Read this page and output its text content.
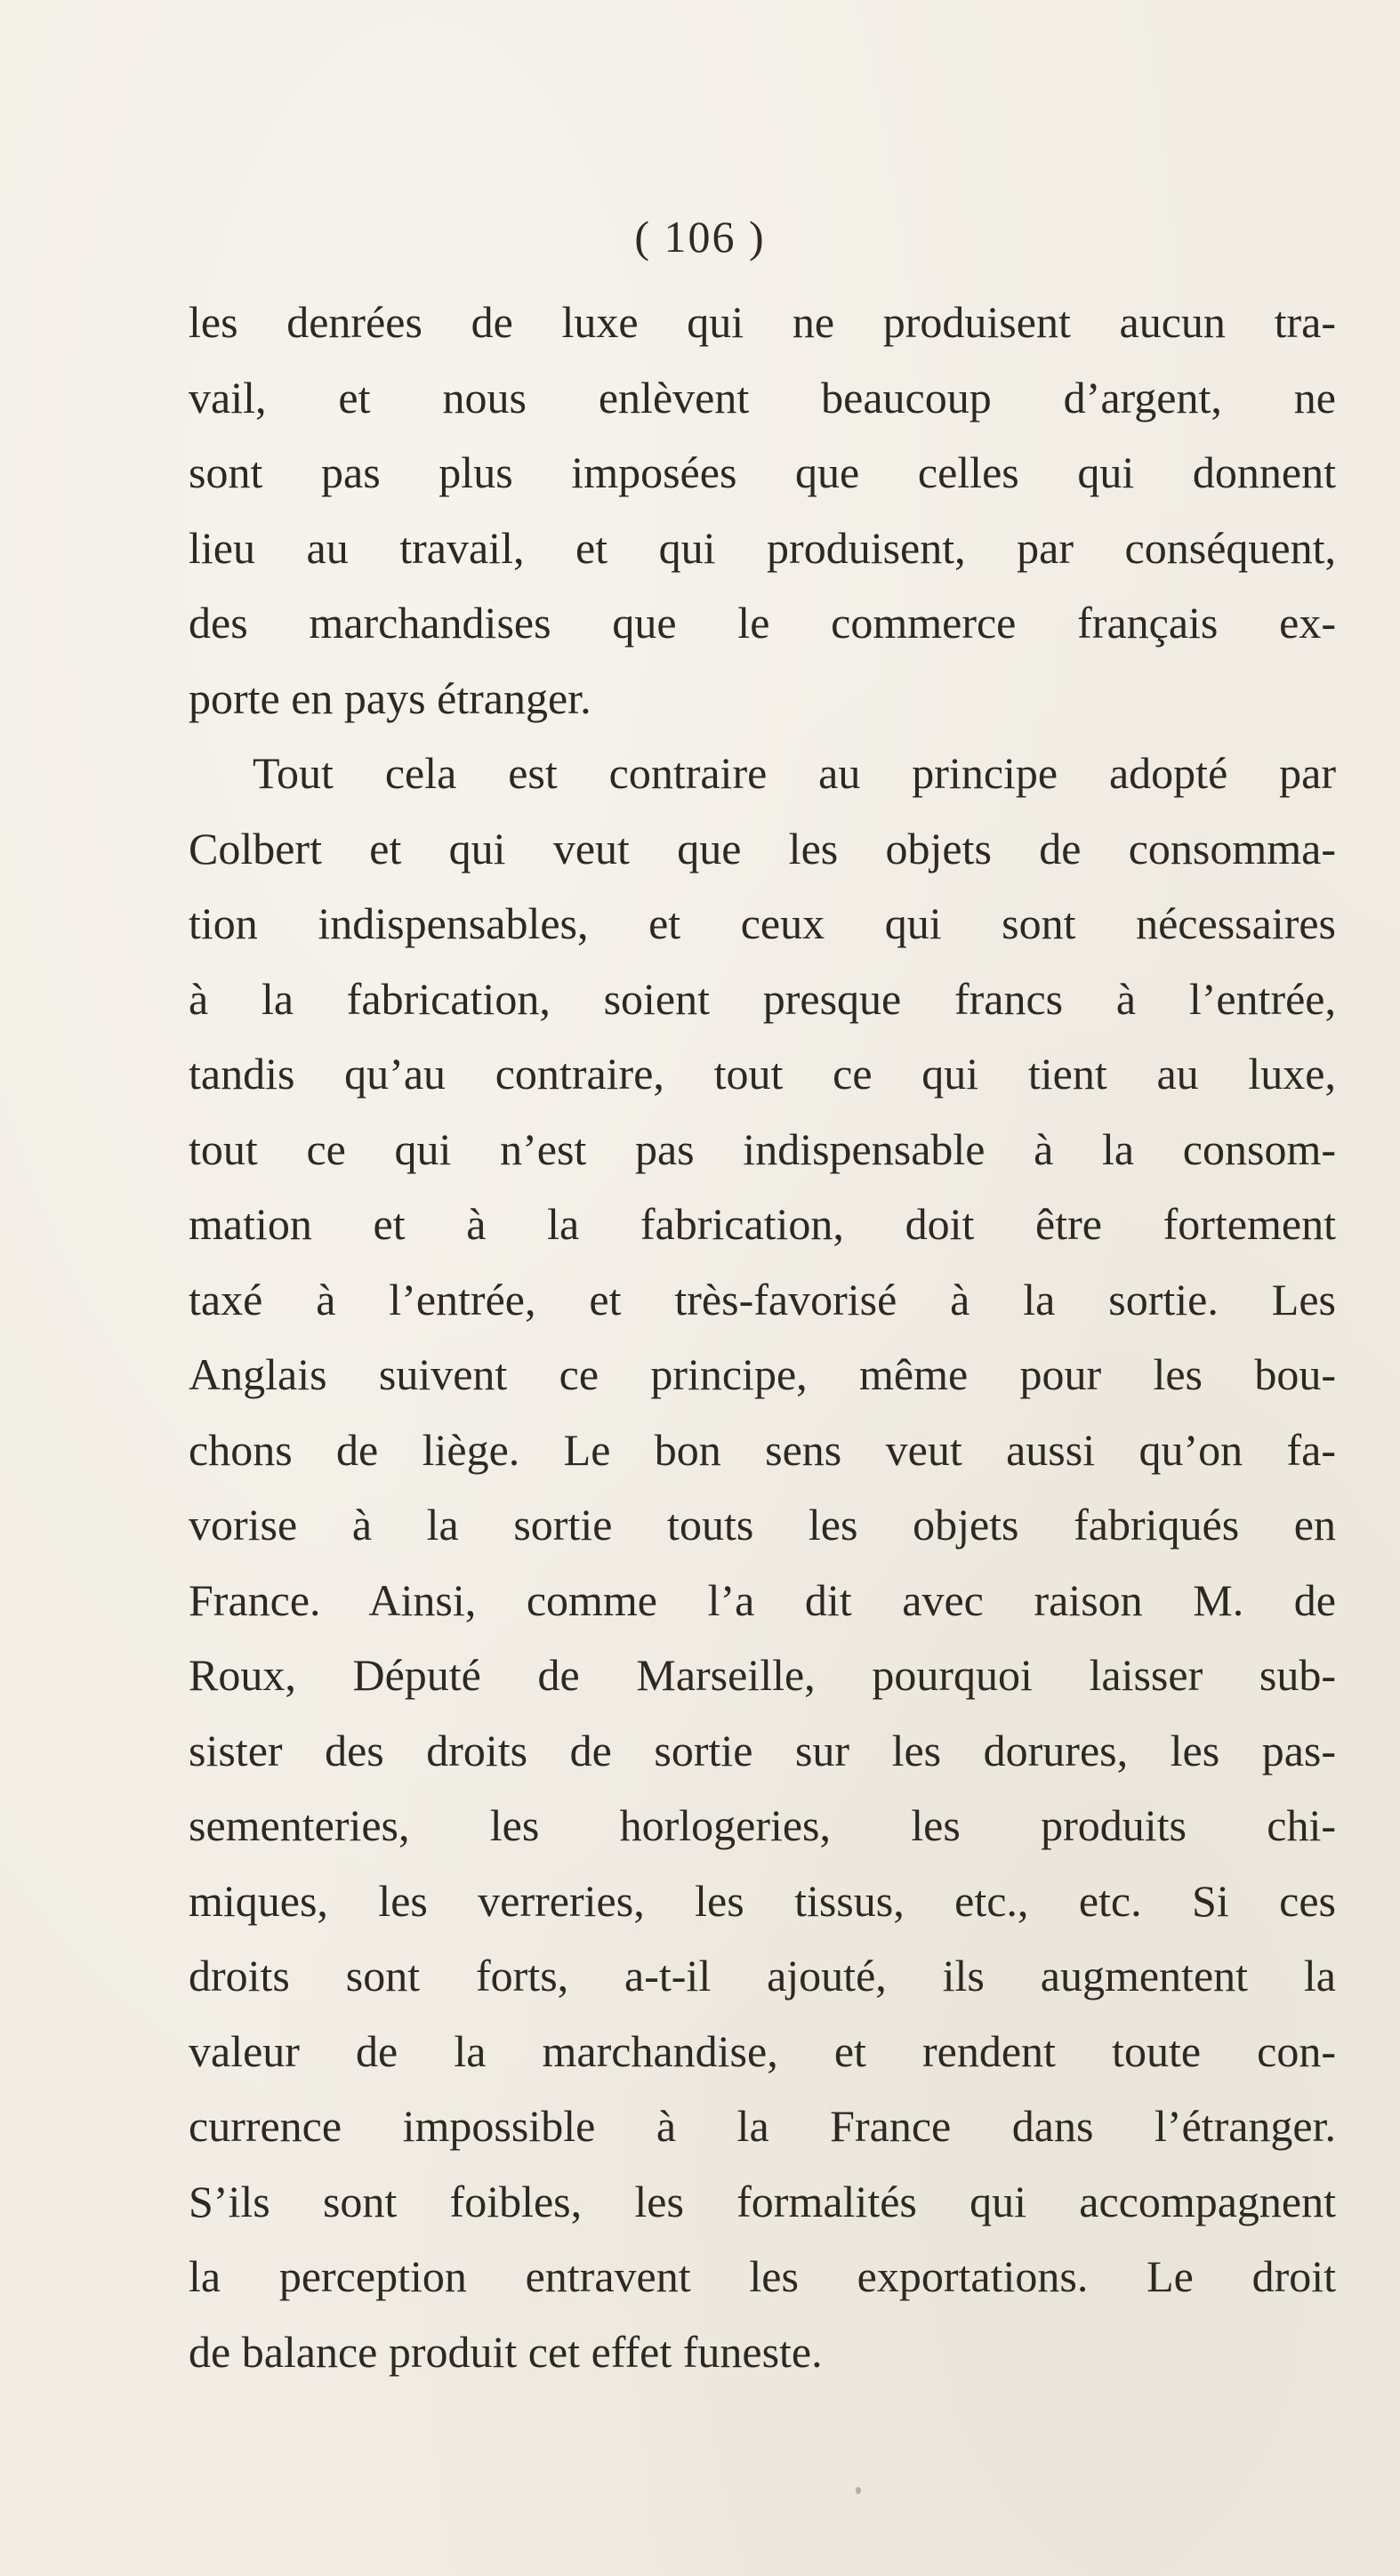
( 106 )
les denrées de luxe qui ne produisent aucun tra-
vail, et nous enlèvent beaucoup d’argent, ne
sont pas plus imposées que celles qui donnent
lieu au travail, et qui produisent, par conséquent,
des marchandises que le commerce français ex-
porte en pays étranger.
Tout cela est contraire au principe adopté par
Colbert et qui veut que les objets de consomma-
tion indispensables, et ceux qui sont nécessaires
à la fabrication, soient presque francs à l’entrée,
tandis qu’au contraire, tout ce qui tient au luxe,
tout ce qui n’est pas indispensable à la consom-
mation et à la fabrication, doit être fortement
taxé à l’entrée, et très-favorisé à la sortie. Les
Anglais suivent ce principe, même pour les bou-
chons de liège. Le bon sens veut aussi qu’on fa-
vorise à la sortie touts les objets fabriqués en
France. Ainsi, comme l’a dit avec raison M. de
Roux, Député de Marseille, pourquoi laisser sub-
sister des droits de sortie sur les dorures, les pas-
sementeries, les horlogeries, les produits chi-
miques, les verreries, les tissus, etc., etc. Si ces
droits sont forts, a-t-il ajouté, ils augmentent la
valeur de la marchandise, et rendent toute con-
currence impossible à la France dans l’étranger.
S’ils sont foibles, les formalités qui accompagnent
la perception entravent les exportations. Le droit
de balance produit cet effet funeste.
